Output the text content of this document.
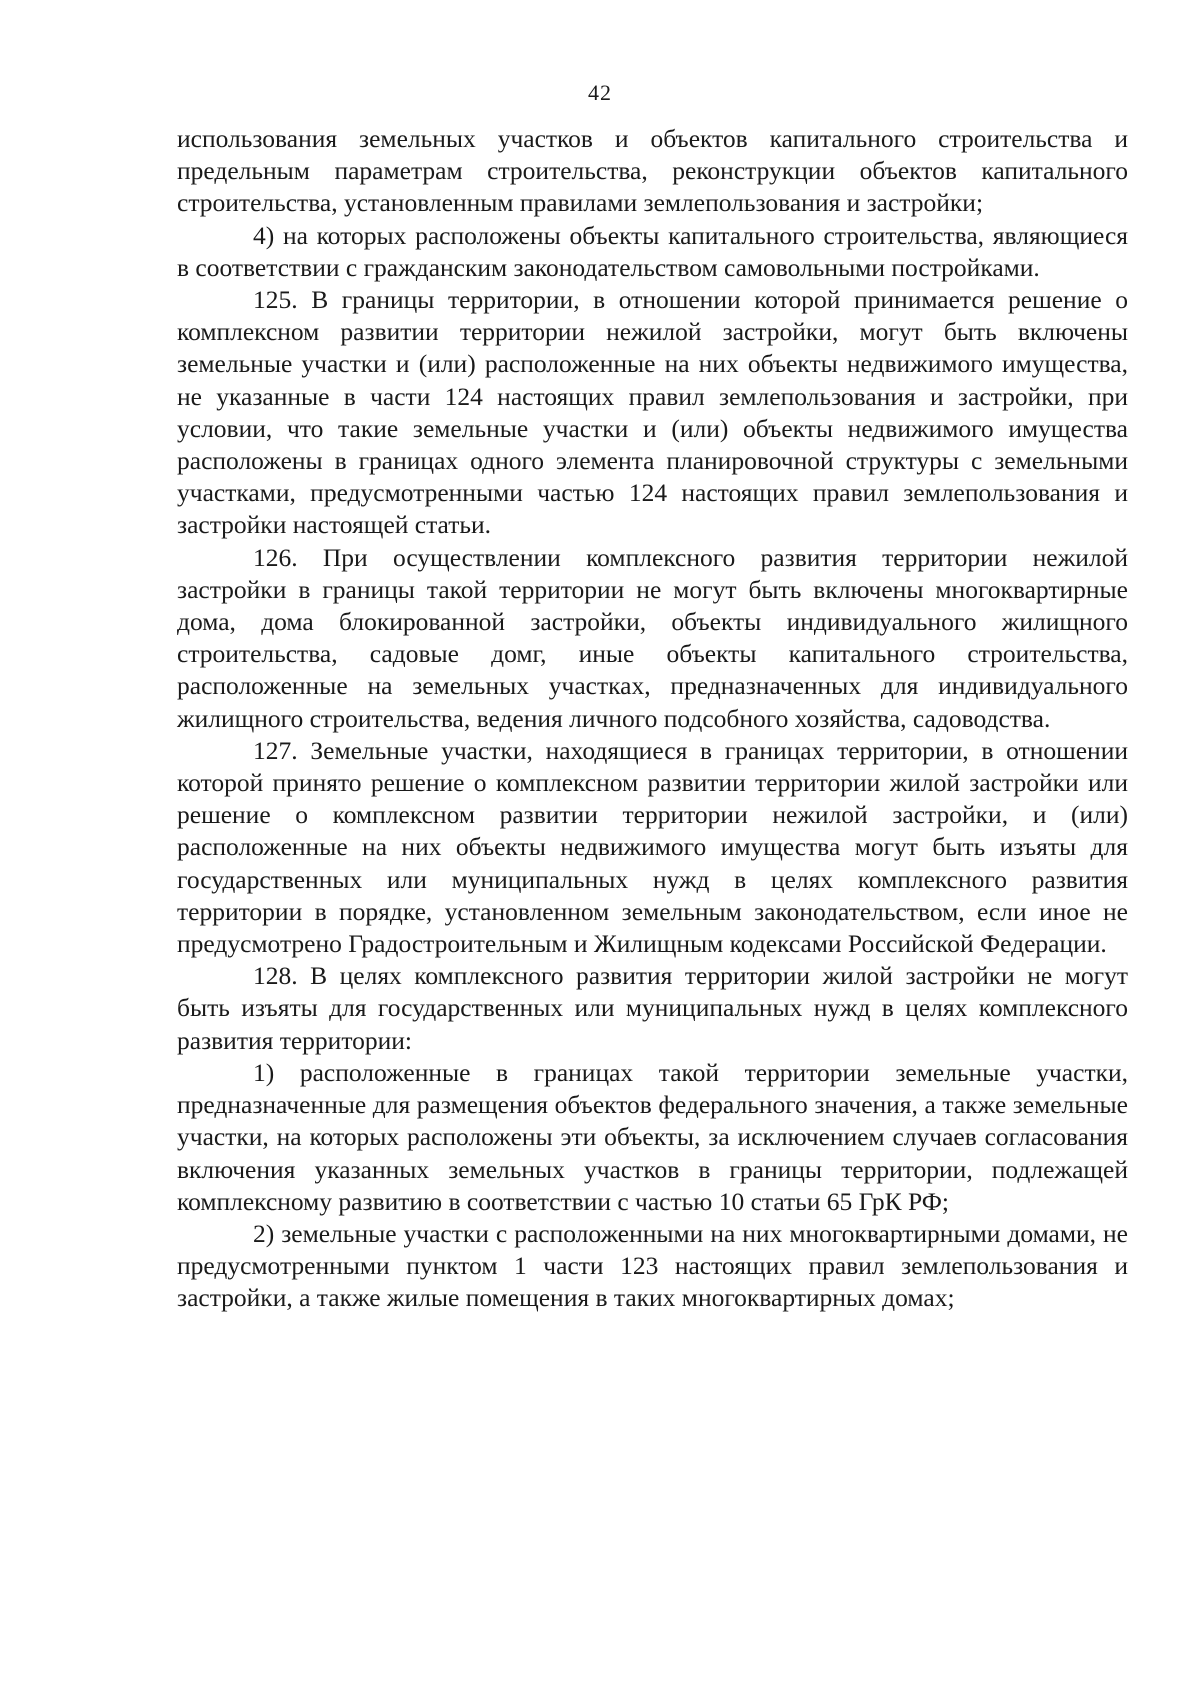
42

использования земельных участков и объектов капитального строительства и предельным параметрам строительства, реконструкции объектов капитального строительства, установленным правилами землепользования и застройки;

4) на которых расположены объекты капитального строительства, являющиеся в соответствии с гражданским законодательством самовольными постройками.

125. В границы территории, в отношении которой принимается решение о комплексном развитии территории нежилой застройки, могут быть включены земельные участки и (или) расположенные на них объекты недвижимого имущества, не указанные в части 124 настоящих правил землепользования и застройки, при условии, что такие земельные участки и (или) объекты недвижимого имущества расположены в границах одного элемента планировочной структуры с земельными участками, предусмотренными частью 124 настоящих правил землепользования и застройки настоящей статьи.

126. При осуществлении комплексного развития территории нежилой застройки в границы такой территории не могут быть включены многоквартирные дома, дома блокированной застройки, объекты индивидуального жилищного строительства, садовые домг, иные объекты капитального строительства, расположенные на земельных участках, предназначенных для индивидуального жилищного строительства, ведения личного подсобного хозяйства, садоводства.

127. Земельные участки, находящиеся в границах территории, в отношении которой принято решение о комплексном развитии территории жилой застройки или решение о комплексном развитии территории нежилой застройки, и (или) расположенные на них объекты недвижимого имущества могут быть изъяты для государственных или муниципальных нужд в целях комплексного развития территории в порядке, установленном земельным законодательством, если иное не предусмотрено Градостроительным и Жилищным кодексами Российской Федерации.

128. В целях комплексного развития территории жилой застройки не могут быть изъяты для государственных или муниципальных нужд в целях комплексного развития территории:

1) расположенные в границах такой территории земельные участки, предназначенные для размещения объектов федерального значения, а также земельные участки, на которых расположены эти объекты, за исключением случаев согласования включения указанных земельных участков в границы территории, подлежащей комплексному развитию в соответствии с частью 10 статьи 65 ГрК РФ;

2) земельные участки с расположенными на них многоквартирными домами, не предусмотренными пунктом 1 части 123 настоящих правил землепользования и застройки, а также жилые помещения в таких многоквартирных домах;
